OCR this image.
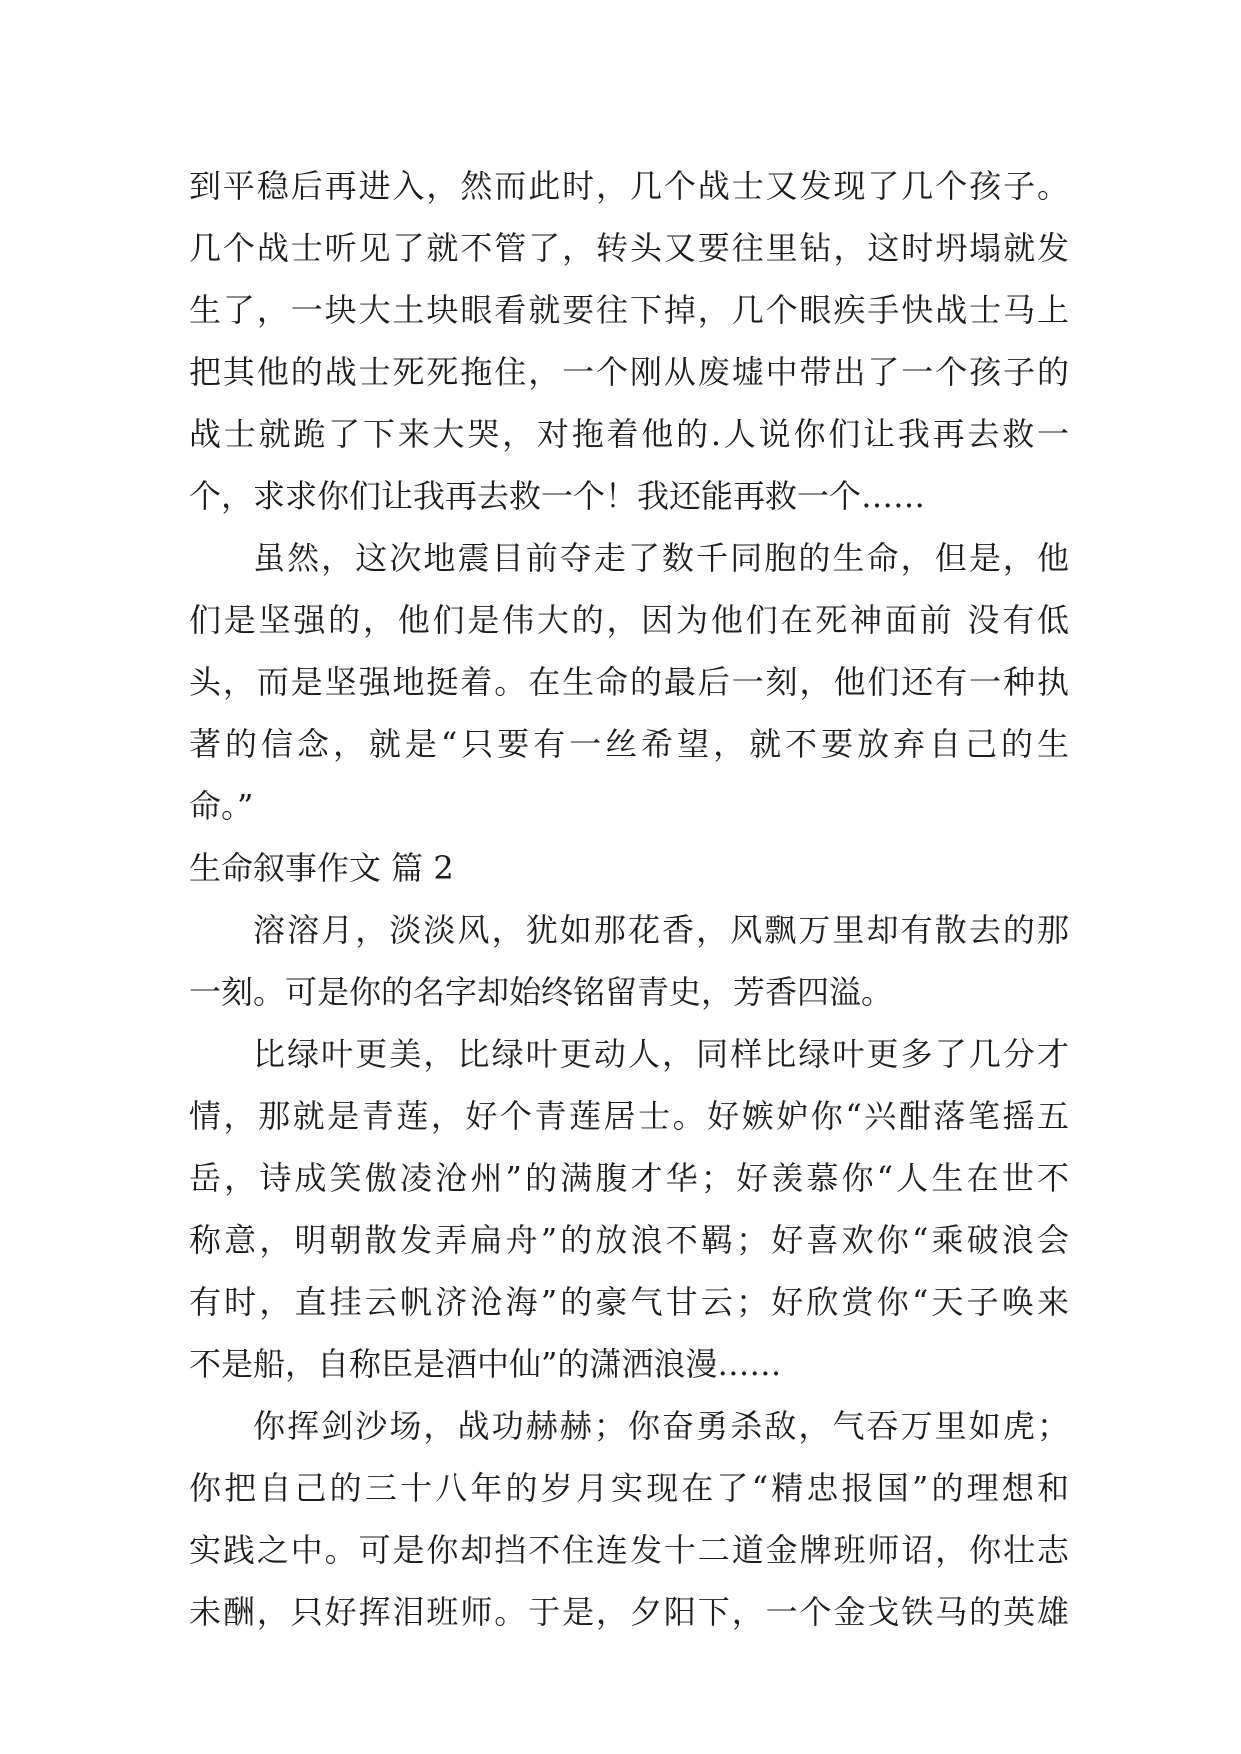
到平稳后再进入，然而此时，几个战士又发现了几个孩子。
几个战士听见了就不管了，转头又要往里钻，这时坍塌就发
生了，一块大土块眼看就要往下掉，几个眼疾手快战士马上
把其他的战士死死拖住，一个刚从废墟中带出了一个孩子的
战士就跪了下来大哭，对拖着他的.人说你们让我再去救一
个，求求你们让我再去救一个！我还能再救一个……
虽然，这次地震目前夺走了数千同胞的生命，但是，他
们是坚强的，他们是伟大的，因为他们在死神面前 没有低
头，而是坚强地挺着。在生命的最后一刻，他们还有一种执
著的信念，就是“只要有一丝希望，就不要放弃自己的生
命。”
生命叙事作文 篇 2
溶溶月，淡淡风，犹如那花香，风飘万里却有散去的那
一刻。可是你的名字却始终铭留青史，芳香四溢。
比绿叶更美，比绿叶更动人，同样比绿叶更多了几分才
情，那就是青莲，好个青莲居士。好嫉妒你“兴酣落笔摇五
岳，诗成笑傲凌沧州”的满腹才华；好羡慕你“人生在世不
称意，明朝散发弄扁舟”的放浪不羁；好喜欢你“乘破浪会
有时，直挂云帆济沧海”的豪气甘云；好欣赏你“天子唤来
不是船，自称臣是酒中仙”的潇洒浪漫……
你挥剑沙场，战功赫赫；你奋勇杀敌，气吞万里如虎；
你把自己的三十八年的岁月实现在了“精忠报国”的理想和
实践之中。可是你却挡不住连发十二道金牌班师诏，你壮志
未酬，只好挥泪班师。于是，夕阳下，一个金戈铁马的英雄
